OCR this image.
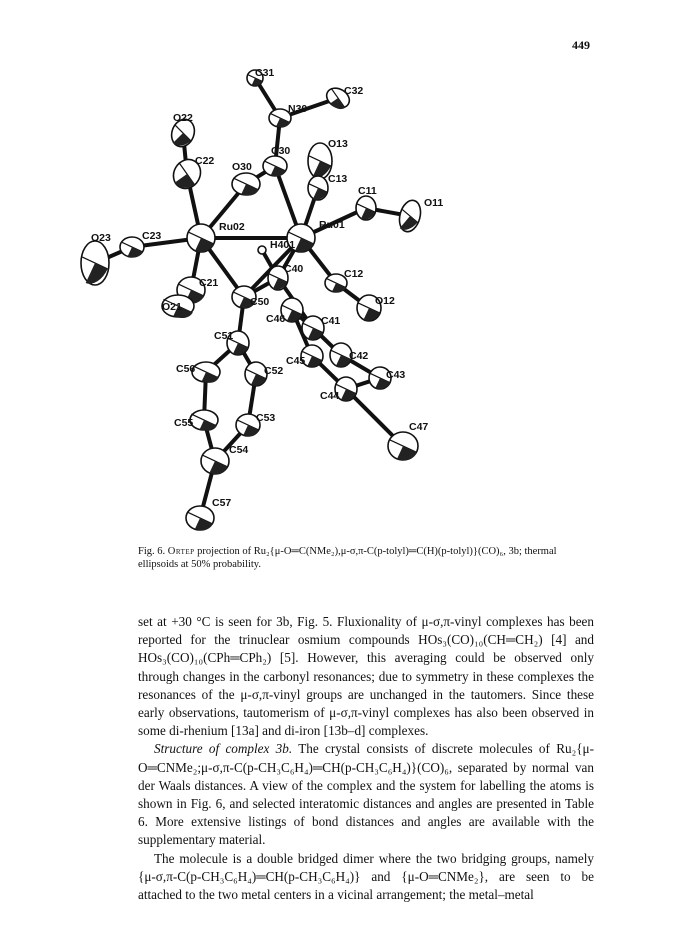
449
C31
C32
N30
O22
O13
C22 O30
C30
C13
C11
O11
O23	C23
Ru02	Ru01
H401
C40	C12
C21
O21	C50
C46	C41
O12
C51
C45	C42
C56	C52	C43
C44
C47
C55	C53
C54
C57
Fig. 6. Ortep projection of Ru₂{μ-O═C(NMe₂),μ-σ,π-C(p-tolyl)═C(H)(p-tolyl)}(CO)₆, 3b; thermal ellipsoids at 50% probability.

set at +30 °C is seen for 3b, Fig. 5. Fluxionality of μ-σ,π-vinyl complexes has been reported for the trinuclear osmium compounds HOs₃(CO)₁₀(CH═CH₂) [4] and HOs₃(CO)₁₀(CPh═CPh₂) [5]. However, this averaging could be observed only through changes in the carbonyl resonances; due to symmetry in these complexes the resonances of the μ-σ,π-vinyl groups are unchanged in the tautomers. Since these early observations, tautomerism of μ-σ,π-vinyl complexes has also been observed in some di-rhenium [13a] and di-iron [13b–d] complexes.

Structure of complex 3b. The crystal consists of discrete molecules of Ru₂{μ-O═CNMe₂;μ-σ,π-C(p-CH₃C₆H₄)═CH(p-CH₃C₆H₄)}(CO)₆, separated by normal van der Waals distances. A view of the complex and the system for labelling the atoms is shown in Fig. 6, and selected interatomic distances and angles are presented in Table 6. More extensive listings of bond distances and angles are available with the supplementary material.

The molecule is a double bridged dimer where the two bridging groups, namely {μ-σ,π-C(p-CH₃C₆H₄)═CH(p-CH₃C₆H₄)} and {μ-O═CNMe₂}, are seen to be attached to the two metal centers in a vicinal arrangement; the metal–metal
